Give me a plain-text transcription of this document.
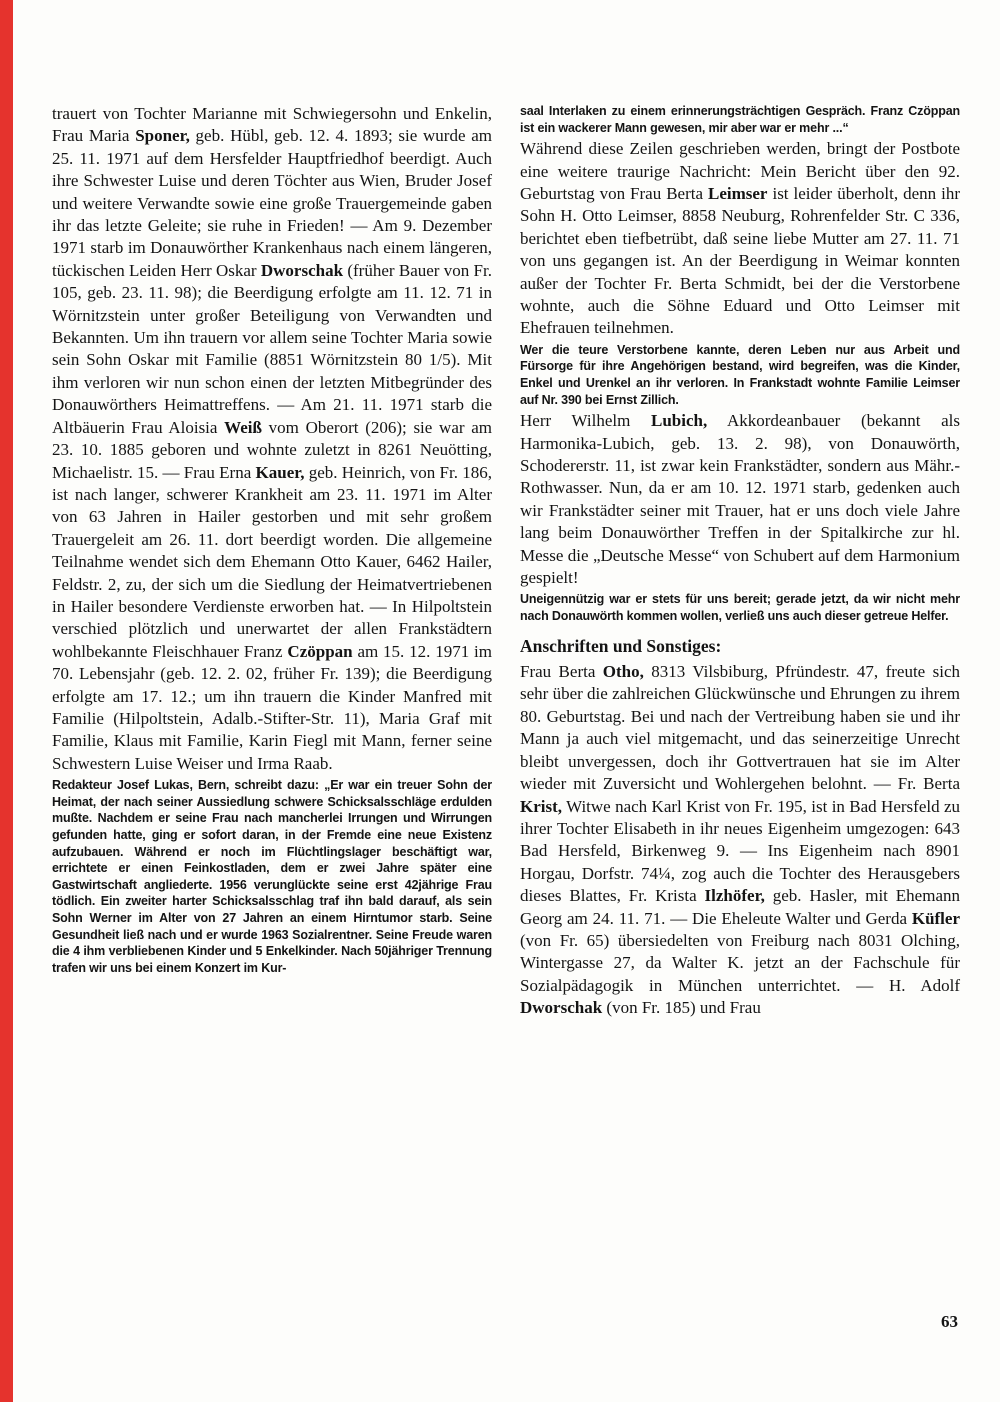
trauert von Tochter Marianne mit Schwiegersohn und Enkelin, Frau Maria Sponer, geb. Hübl, geb. 12. 4. 1893; sie wurde am 25. 11. 1971 auf dem Hersfelder Hauptfriedhof beerdigt. Auch ihre Schwester Luise und deren Töchter aus Wien, Bruder Josef und weitere Verwandte sowie eine große Trauergemeinde gaben ihr das letzte Geleite; sie ruhe in Frieden! — Am 9. Dezember 1971 starb im Donauwörther Krankenhaus nach einem längeren, tückischen Leiden Herr Oskar Dworschak (früher Bauer von Fr. 105, geb. 23. 11. 98); die Beerdigung erfolgte am 11. 12. 71 in Wörnitzstein unter großer Beteiligung von Verwandten und Bekannten. Um ihn trauern vor allem seine Tochter Maria sowie sein Sohn Oskar mit Familie (8851 Wörnitzstein 80 1/5). Mit ihm verloren wir nun schon einen der letzten Mitbegründer des Donauwörthers Heimattreffens. — Am 21. 11. 1971 starb die Altbäuerin Frau Aloisia Weiß vom Oberort (206); sie war am 23. 10. 1885 geboren und wohnte zuletzt in 8261 Neuötting, Michaelistr. 15. — Frau Erna Kauer, geb. Heinrich, von Fr. 186, ist nach langer, schwerer Krankheit am 23. 11. 1971 im Alter von 63 Jahren in Hailer gestorben und mit sehr großem Trauergeleit am 26. 11. dort beerdigt worden. Die allgemeine Teilnahme wendet sich dem Ehemann Otto Kauer, 6462 Hailer, Feldstr. 2, zu, der sich um die Siedlung der Heimatvertriebenen in Hailer besondere Verdienste erworben hat. — In Hilpoltstein verschied plötzlich und unerwartet der allen Frankstädtern wohlbekannte Fleischhauer Franz Czöppan am 15. 12. 1971 im 70. Lebensjahr (geb. 12. 2. 02, früher Fr. 139); die Beerdigung erfolgte am 17. 12.; um ihn trauern die Kinder Manfred mit Familie (Hilpoltstein, Adalb.-Stifter-Str. 11), Maria Graf mit Familie, Klaus mit Familie, Karin Fiegl mit Mann, ferner seine Schwestern Luise Weiser und Irma Raab.

Redakteur Josef Lukas, Bern, schreibt dazu: „Er war ein treuer Sohn der Heimat, der nach seiner Aussiedlung schwere Schicksalsschläge erdulden mußte. Nachdem er seine Frau nach mancherlei Irrungen und Wirrungen gefunden hatte, ging er sofort daran, in der Fremde eine neue Existenz aufzubauen. Während er noch im Flüchtlingslager beschäftigt war, errichtete er einen Feinkostladen, dem er zwei Jahre später eine Gastwirtschaft angliederte. 1956 verunglückte seine erst 42jährige Frau tödlich. Ein zweiter harter Schicksalsschlag traf ihn bald darauf, als sein Sohn Werner im Alter von 27 Jahren an einem Hirntumor starb. Seine Gesundheit ließ nach und er wurde 1963 Sozialrentner. Seine Freude waren die 4 ihm verbliebenen Kinder und 5 Enkelkinder. Nach 50jähriger Trennung trafen wir uns bei einem Konzert im Kur-

saal Interlaken zu einem erinnerungsträchtigen Gespräch. Franz Czöppan ist ein wackerer Mann gewesen, mir aber war er mehr ...“

Während diese Zeilen geschrieben werden, bringt der Postbote eine weitere traurige Nachricht: Mein Bericht über den 92. Geburtstag von Frau Berta Leimser ist leider überholt, denn ihr Sohn H. Otto Leimser, 8858 Neuburg, Rohrenfelder Str. C 336, berichtet eben tiefbetrübt, daß seine liebe Mutter am 27. 11. 71 von uns gegangen ist. An der Beerdigung in Weimar konnten außer der Tochter Fr. Berta Schmidt, bei der die Verstorbene wohnte, auch die Söhne Eduard und Otto Leimser mit Ehefrauen teilnehmen.

Wer die teure Verstorbene kannte, deren Leben nur aus Arbeit und Fürsorge für ihre Angehörigen bestand, wird begreifen, was die Kinder, Enkel und Urenkel an ihr verloren. In Frankstadt wohnte Familie Leimser auf Nr. 390 bei Ernst Zillich.

Herr Wilhelm Lubich, Akkordeanbauer (bekannt als Harmonika-Lubich, geb. 13. 2. 98), von Donauwörth, Schodererstr. 11, ist zwar kein Frankstädter, sondern aus Mähr.-Rothwasser. Nun, da er am 10. 12. 1971 starb, gedenken auch wir Frankstädter seiner mit Trauer, hat er uns doch viele Jahre lang beim Donauwörther Treffen in der Spitalkirche zur hl. Messe die „Deutsche Messe“ von Schubert auf dem Harmonium gespielt!

Uneigennützig war er stets für uns bereit; gerade jetzt, da wir nicht mehr nach Donauwörth kommen wollen, verließ uns auch dieser getreue Helfer.

Anschriften und Sonstiges:

Frau Berta Otho, 8313 Vilsbiburg, Pfründestr. 47, freute sich sehr über die zahlreichen Glückwünsche und Ehrungen zu ihrem 80. Geburtstag. Bei und nach der Vertreibung haben sie und ihr Mann ja auch viel mitgemacht, und das seinerzeitige Unrecht bleibt unvergessen, doch ihr Gottvertrauen hat sie im Alter wieder mit Zuversicht und Wohlergehen belohnt. — Fr. Berta Krist, Witwe nach Karl Krist von Fr. 195, ist in Bad Hersfeld zu ihrer Tochter Elisabeth in ihr neues Eigenheim umgezogen: 643 Bad Hersfeld, Birkenweg 9. — Ins Eigenheim nach 8901 Horgau, Dorfstr. 74¼, zog auch die Tochter des Herausgebers dieses Blattes, Fr. Krista Ilzhöfer, geb. Hasler, mit Ehemann Georg am 24. 11. 71. — Die Eheleute Walter und Gerda Küfler (von Fr. 65) übersiedelten von Freiburg nach 8031 Olching, Wintergasse 27, da Walter K. jetzt an der Fachschule für Sozialpädagogik in München unterrichtet. — H. Adolf Dworschak (von Fr. 185) und Frau

63
